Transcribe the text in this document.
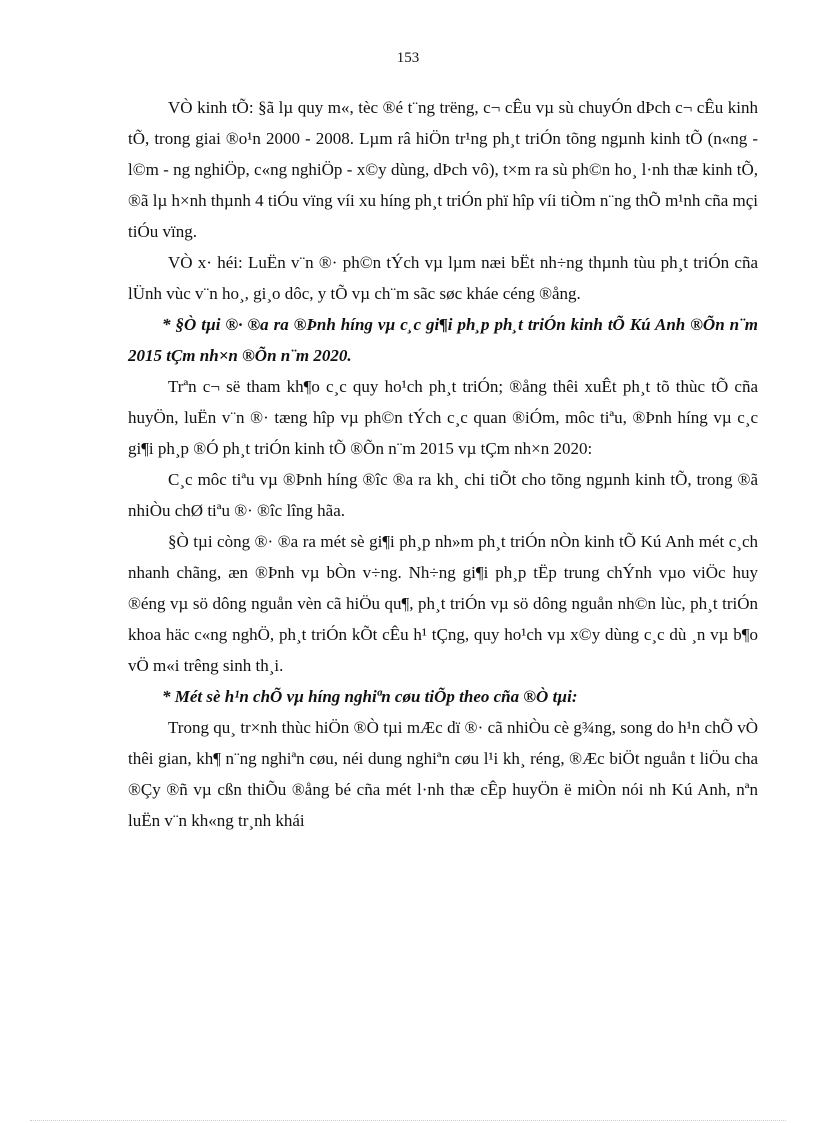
153

VÒ kinh tÕ: §ã lµ quy m«, tèc ®é t¨ng trëng, c¬ cÊu vµ sù chuyÓn dÞch c¬ cÊu kinh tÕ, trong giai ®o¹n 2000 - 2008. Lµm râ hiÖn tr¹ng ph¸t triÓn tõng ngµnh kinh tÕ (n«ng - l©m - ng nghiÖp, c«ng nghiÖp - x©y dùng, dÞch vô), t×m ra sù ph©n ho¸ l·nh thæ kinh tÕ, ®ã lµ h×nh thµnh 4 tiÓu vïng víi xu híng ph¸t triÓn phï hîp víi tiÒm n¨ng thÕ m¹nh cña mçi tiÓu vïng.

VÒ x· héi: LuËn v¨n ®· ph©n tÝch vµ lµm næi bËt nh÷ng thµnh tùu ph¸t triÓn cña lÜnh vùc v¨n ho¸, gi¸o dôc, y tÕ vµ ch¨m sãc søc kháe céng ®ång.

* §Ò tµi ®· ®a ra ®Þnh híng vµ c¸c gi¶i ph¸p ph¸t triÓn kinh tÕ Kú Anh ®Õn n¨m 2015 tÇm nh×n ®Õn n¨m 2020.

Trªn c¬ së tham kh¶o c¸c quy ho¹ch ph¸t triÓn; ®ång thêi xuÊt ph¸t tõ thùc tÕ cña huyÖn, luËn v¨n ®· tæng hîp vµ ph©n tÝch c¸c quan ®iÓm, môc tiªu, ®Þnh híng vµ c¸c gi¶i ph¸p ®Ó ph¸t triÓn kinh tÕ ®Õn n¨m 2015 vµ tÇm nh×n 2020:

C¸c môc tiªu vµ ®Þnh híng ®îc ®a ra kh¸ chi tiÕt cho tõng ngµnh kinh tÕ, trong ®ã nhiÒu chØ tiªu ®· ®îc lîng hãa.

§Ò tµi còng ®· ®a ra mét sè gi¶i ph¸p nh»m ph¸t triÓn nÒn kinh tÕ Kú Anh mét c¸ch nhanh chãng, æn ®Þnh vµ bÒn v÷ng. Nh÷ng gi¶i ph¸p tËp trung chÝnh vµo viÖc huy ®éng vµ sö dông nguån vèn cã hiÖu qu¶, ph¸t triÓn vµ sö dông nguån nh©n lùc, ph¸t triÓn khoa häc c«ng nghÖ, ph¸t triÓn kÕt cÊu h¹ tÇng, quy ho¹ch vµ x©y dùng c¸c dù ¸n vµ b¶o vÖ m«i trêng sinh th¸i.

* Mét sè h¹n chÕ vµ híng nghiªn cøu tiÕp theo cña ®Ò tµi:

Trong qu¸ tr×nh thùc hiÖn ®Ò tµi mÆc dï ®· cã nhiÒu cè g¾ng, song do h¹n chÕ vÒ thêi gian, kh¶ n¨ng nghiªn cøu, néi dung nghiªn cøu l¹i kh¸ réng, ®Æc biÖt nguån t liÖu cha ®Çy ®ñ vµ cßn thiÕu ®ång bé cña mét l·nh thæ cÊp huyÖn ë miÒn nói nh Kú Anh, nªn luËn v¨n kh«ng tr¸nh khái
